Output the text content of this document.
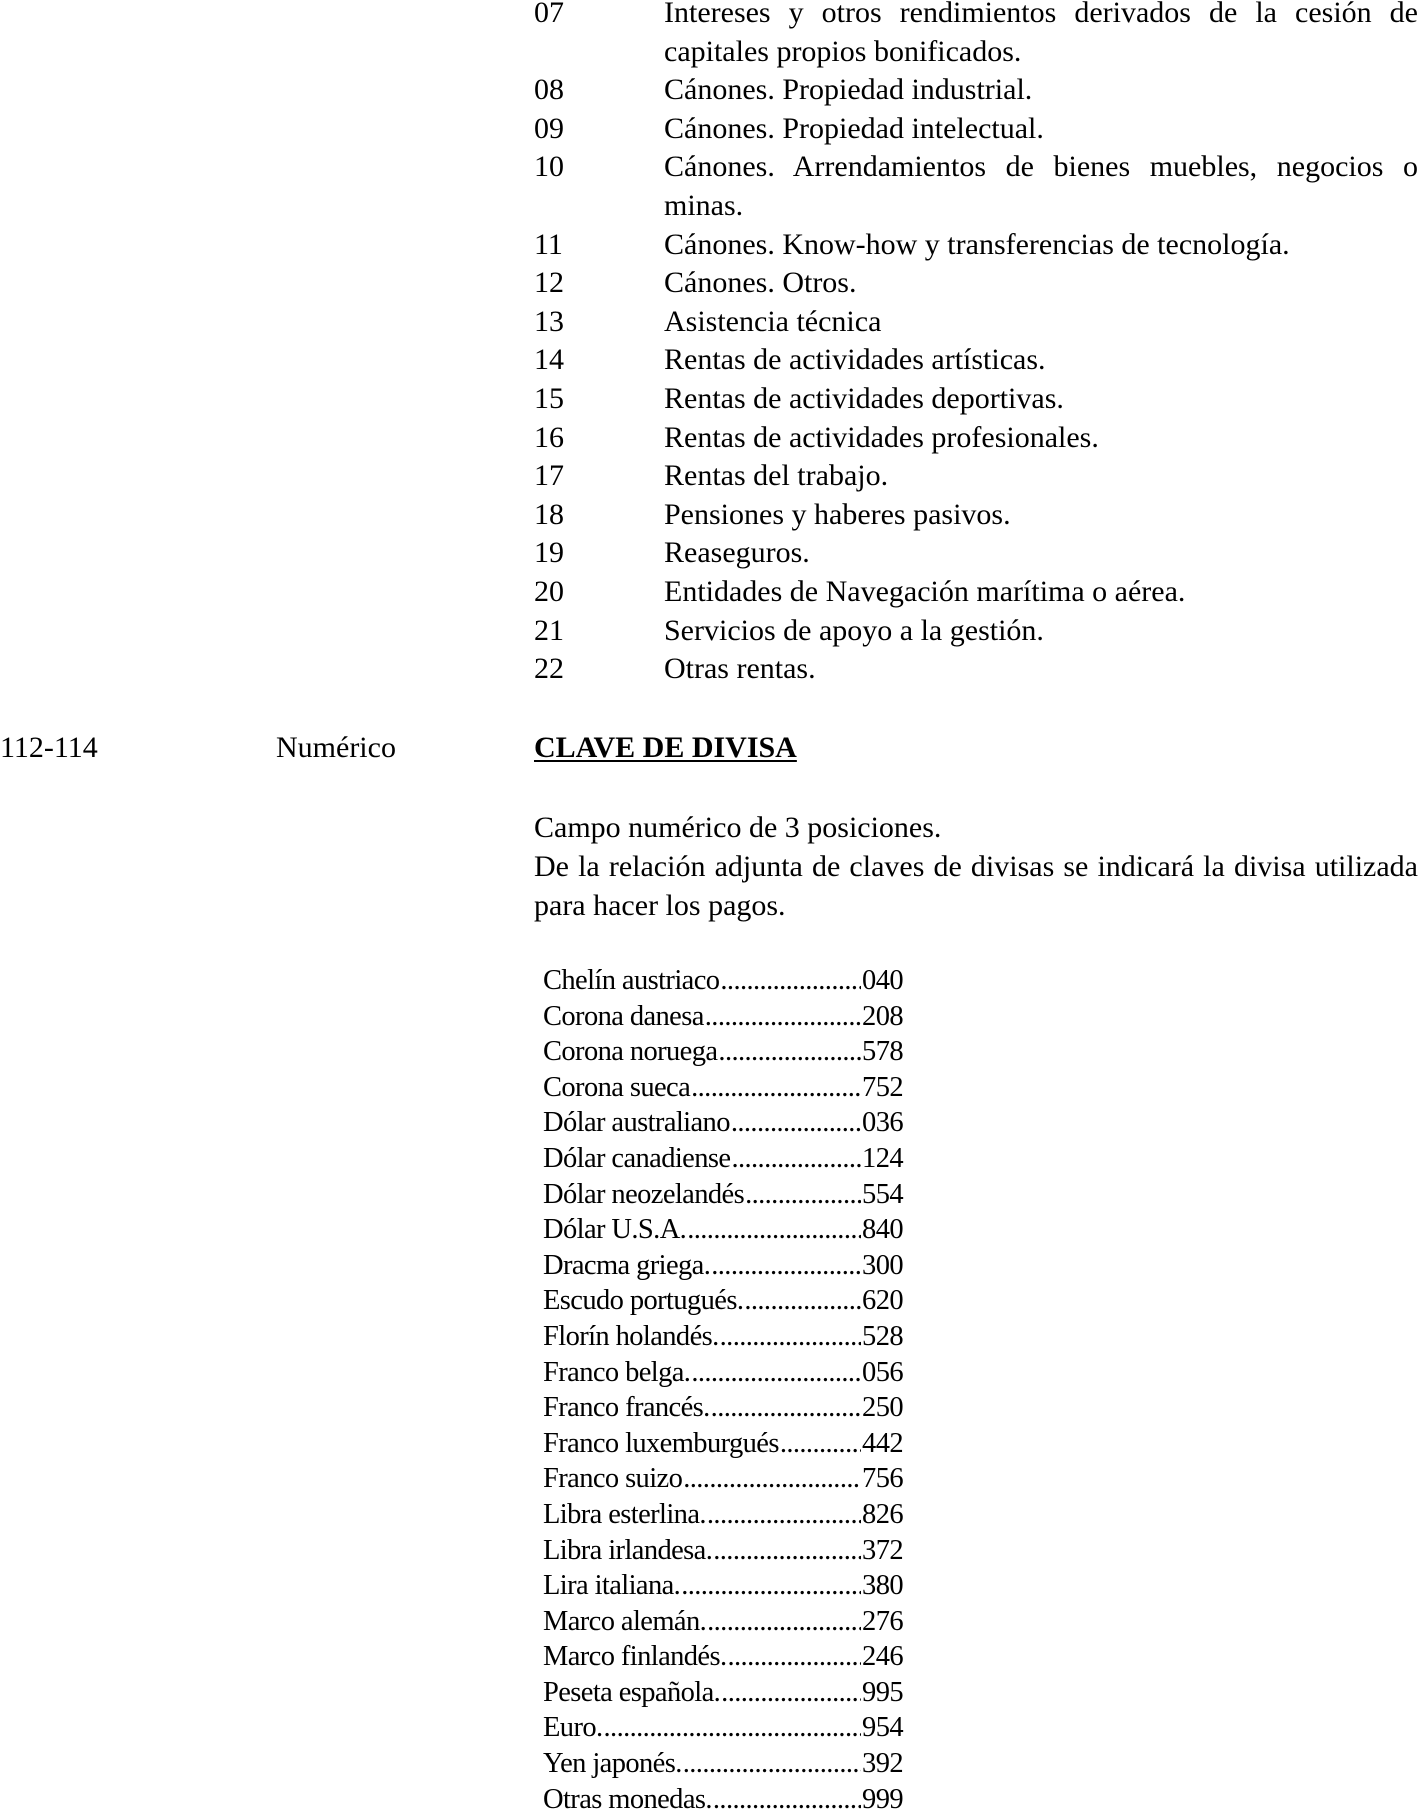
07	Intereses y otros rendimientos derivados de la cesión de capitales propios bonificados.
08	Cánones. Propiedad industrial.
09	Cánones. Propiedad intelectual.
10	Cánones. Arrendamientos de bienes muebles, negocios o minas.
11	Cánones. Know-how y transferencias de tecnología.
12	Cánones. Otros.
13	Asistencia técnica
14	Rentas de actividades artísticas.
15	Rentas de actividades deportivas.
16	Rentas de actividades profesionales.
17	Rentas del trabajo.
18	Pensiones y haberes pasivos.
19	Reaseguros.
20	Entidades de Navegación marítima o aérea.
21	Servicios de apoyo a la gestión.
22	Otras rentas.
112-114	Numérico	CLAVE DE DIVISA

Campo numérico de 3 posiciones.

De la relación adjunta de claves de divisas se indicará la divisa utilizada para hacer los pagos.

Chelín austriaco .....	040
Corona danesa .....	208
Corona noruega .....	578
Corona sueca .....	752
Dólar australiano .....	036
Dólar canadiense .....	124
Dólar neozelandés .....	554
Dólar U.S.A. .....	840
Dracma griega. .....	300
Escudo portugués. .....	620
Florín holandés. .....	528
Franco belga. .....	056
Franco francés. .....	250
Franco luxemburgués .....	442
Franco suizo .....	756
Libra esterlina. .....	826
Libra irlandesa. .....	372
Lira italiana. .....	380
Marco alemán. .....	276
Marco finlandés. .....	246
Peseta española. .....	995
Euro. .....	954
Yen japonés. .....	392
Otras monedas. .....	999
